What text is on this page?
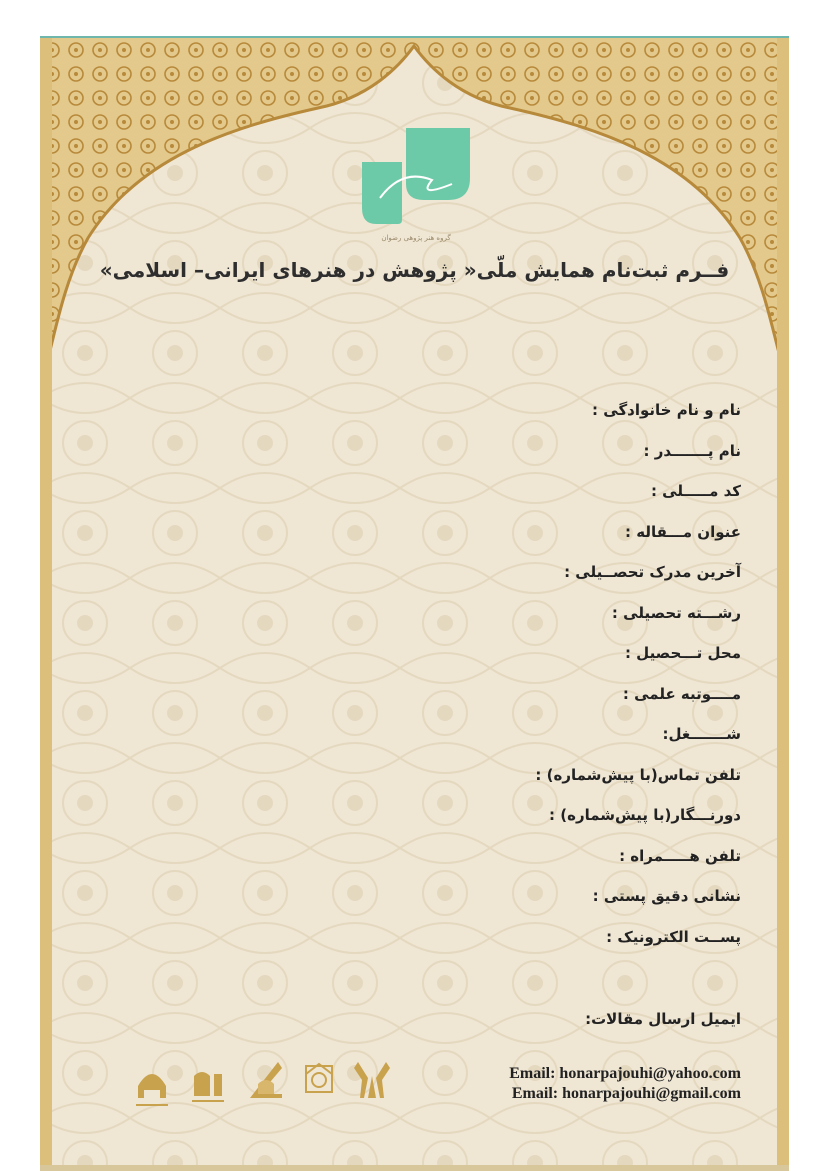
گروه هنر پژوهی رضوان
فــرم ثبت‌نام همایش ملّی« پژوهش در هنرهای ایرانی– اسلامی»
نام و نام خانوادگی :
نام پـــــــدر :
کد مـــــلی :
عنوان مـــقاله :
آخرین مدرک تحصــیلی :
رشـــته تحصیلی :
محل تـــحصیل :
مــــوتبه علمی :
شـــــــغل:
تلفن تماس(با پیش‌شماره) :
دورنـــگار(با پیش‌شماره) :
تلفن هـــــمراه :
نشانی دقیق پستی :
پســت الکترونیک :
ایمیل ارسال مقالات:
Email: honarpajouhi@yahoo.com
Email: honarpajouhi@gmail.com
